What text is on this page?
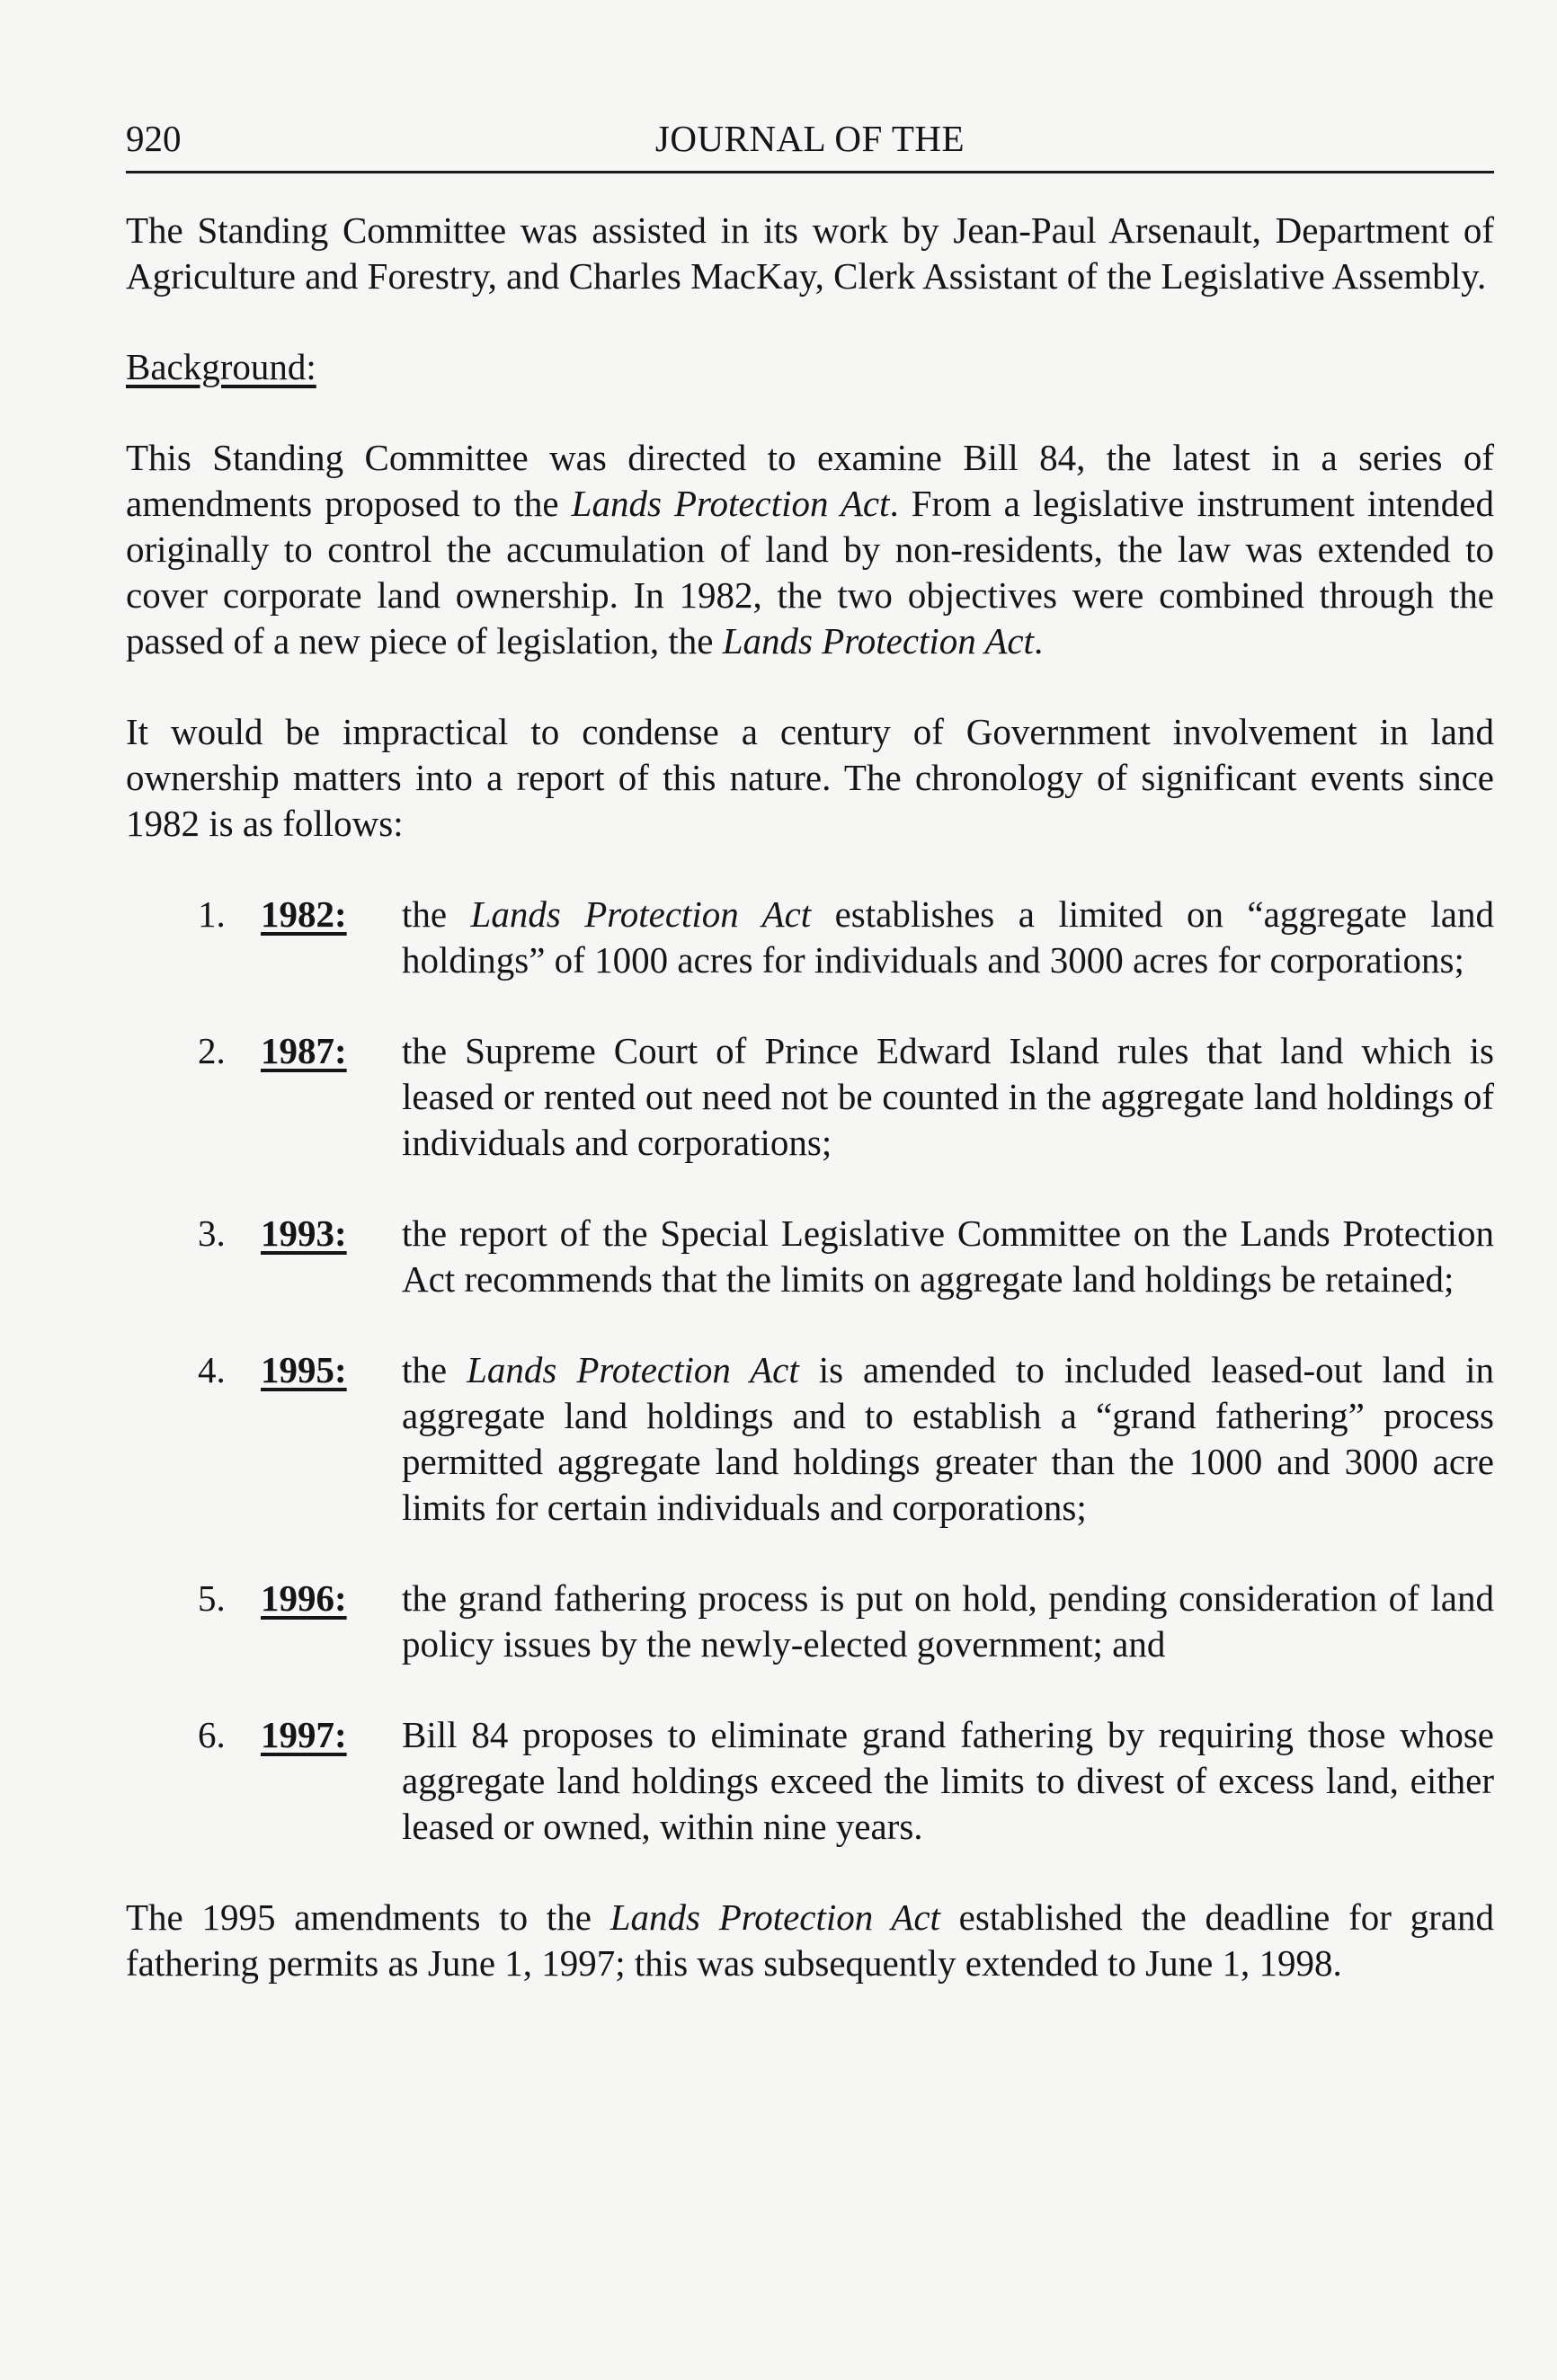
920	JOURNAL OF THE

The Standing Committee was assisted in its work by Jean-Paul Arsenault, Department of Agriculture and Forestry, and Charles MacKay, Clerk Assistant of the Legislative Assembly.

Background:

This Standing Committee was directed to examine Bill 84, the latest in a series of amendments proposed to the Lands Protection Act. From a legislative instrument intended originally to control the accumulation of land by non-residents, the law was extended to cover corporate land ownership. In 1982, the two objectives were combined through the passed of a new piece of legislation, the Lands Protection Act.

It would be impractical to condense a century of Government involvement in land ownership matters into a report of this nature. The chronology of significant events since 1982 is as follows:

1. 1982: the Lands Protection Act establishes a limited on “aggregate land holdings” of 1000 acres for individuals and 3000 acres for corporations;
2. 1987: the Supreme Court of Prince Edward Island rules that land which is leased or rented out need not be counted in the aggregate land holdings of individuals and corporations;
3. 1993: the report of the Special Legislative Committee on the Lands Protection Act recommends that the limits on aggregate land holdings be retained;
4. 1995: the Lands Protection Act is amended to included leased-out land in aggregate land holdings and to establish a “grand fathering” process permitted aggregate land holdings greater than the 1000 and 3000 acre limits for certain individuals and corporations;
5. 1996: the grand fathering process is put on hold, pending consideration of land policy issues by the newly-elected government; and
6. 1997: Bill 84 proposes to eliminate grand fathering by requiring those whose aggregate land holdings exceed the limits to divest of excess land, either leased or owned, within nine years.

The 1995 amendments to the Lands Protection Act established the deadline for grand fathering permits as June 1, 1997; this was subsequently extended to June 1, 1998.
